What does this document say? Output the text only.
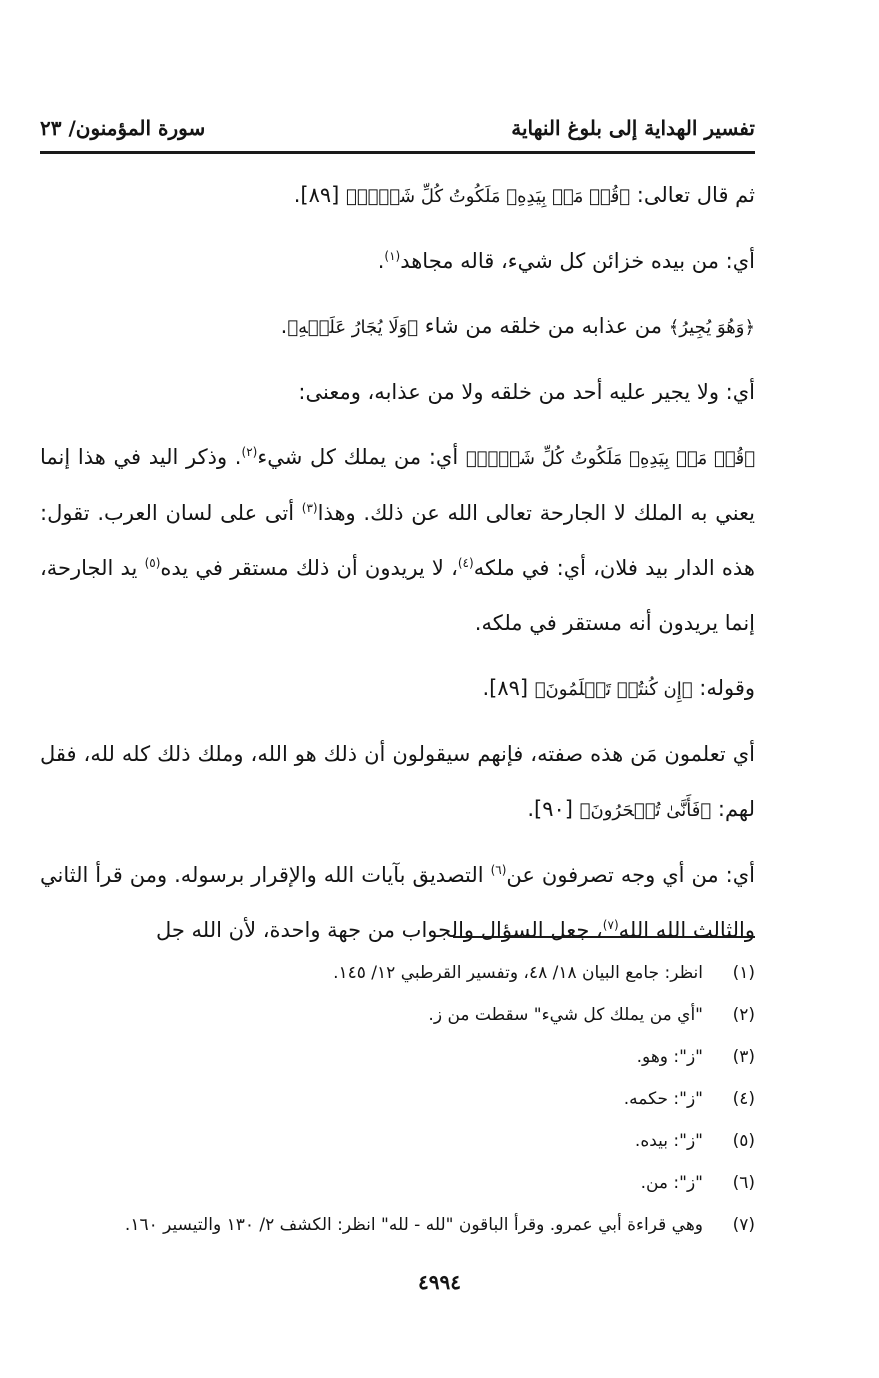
تفسير الهداية إلى بلوغ النهاية
سورة المؤمنون/ ٢٣

ثم قال تعالى: ﴿قُلۡ مَنۢ بِيَدِهِۦ مَلَكُوتُ كُلِّ شَيۡءٖ﴾ [٨٩].

أي: من بيده خزائن كل شيء، قاله مجاهد$^{(١)}$.

﴿وَهُوَ يُجِيرُ﴾ من عذابه من خلقه من شاء ﴿وَلَا يُجَارُ عَلَيۡهِ﴾.

أي: ولا يجير عليه أحد من خلقه ولا من عذابه، ومعنى:

﴿قُلۡ مَنۢ بِيَدِهِۦ مَلَكُوتُ كُلِّ شَيۡءٖ﴾ أي: من يملك كل شيء$^{(٢)}$. وذكر اليد في هذا إنما يعني به الملك لا الجارحة تعالى الله عن ذلك. وهذا$^{(٣)}$ أتى على لسان العرب. تقول: هذه الدار بيد فلان، أي: في ملكه$^{(٤)}$، لا يريدون أن ذلك مستقر في يده$^{(٥)}$ يد الجارحة، إنما يريدون أنه مستقر في ملكه.

وقوله: ﴿إِن كُنتُمۡ تَعۡلَمُونَ﴾ [٨٩].

أي تعلمون مَن هذه صفته، فإنهم سيقولون أن ذلك هو الله، وملك ذلك كله لله، فقل لهم: ﴿فَأَنَّىٰ تُسۡحَرُونَ﴾ [٩٠].

أي: من أي وجه تصرفون عن$^{(٦)}$ التصديق بآيات الله والإقرار برسوله. ومن قرأ الثاني والثالث الله الله$^{(٧)}$، جعل السؤال والجواب من جهة واحدة، لأن الله جل

(١)
انظر: جامع البيان ١٨/ ٤٨، وتفسير القرطبي ١٢/ ١٤٥.
(٢)
"أي من يملك كل شيء" سقطت من ز.
(٣)
"ز": وهو.
(٤)
"ز": حكمه.
(٥)
"ز": بيده.
(٦)
"ز": من.
(٧)
وهي قراءة أبي عمرو. وقرأ الباقون "لله - لله" انظر: الكشف ٢/ ١٣٠ والتيسير ١٦٠.
٤٩٩٤
